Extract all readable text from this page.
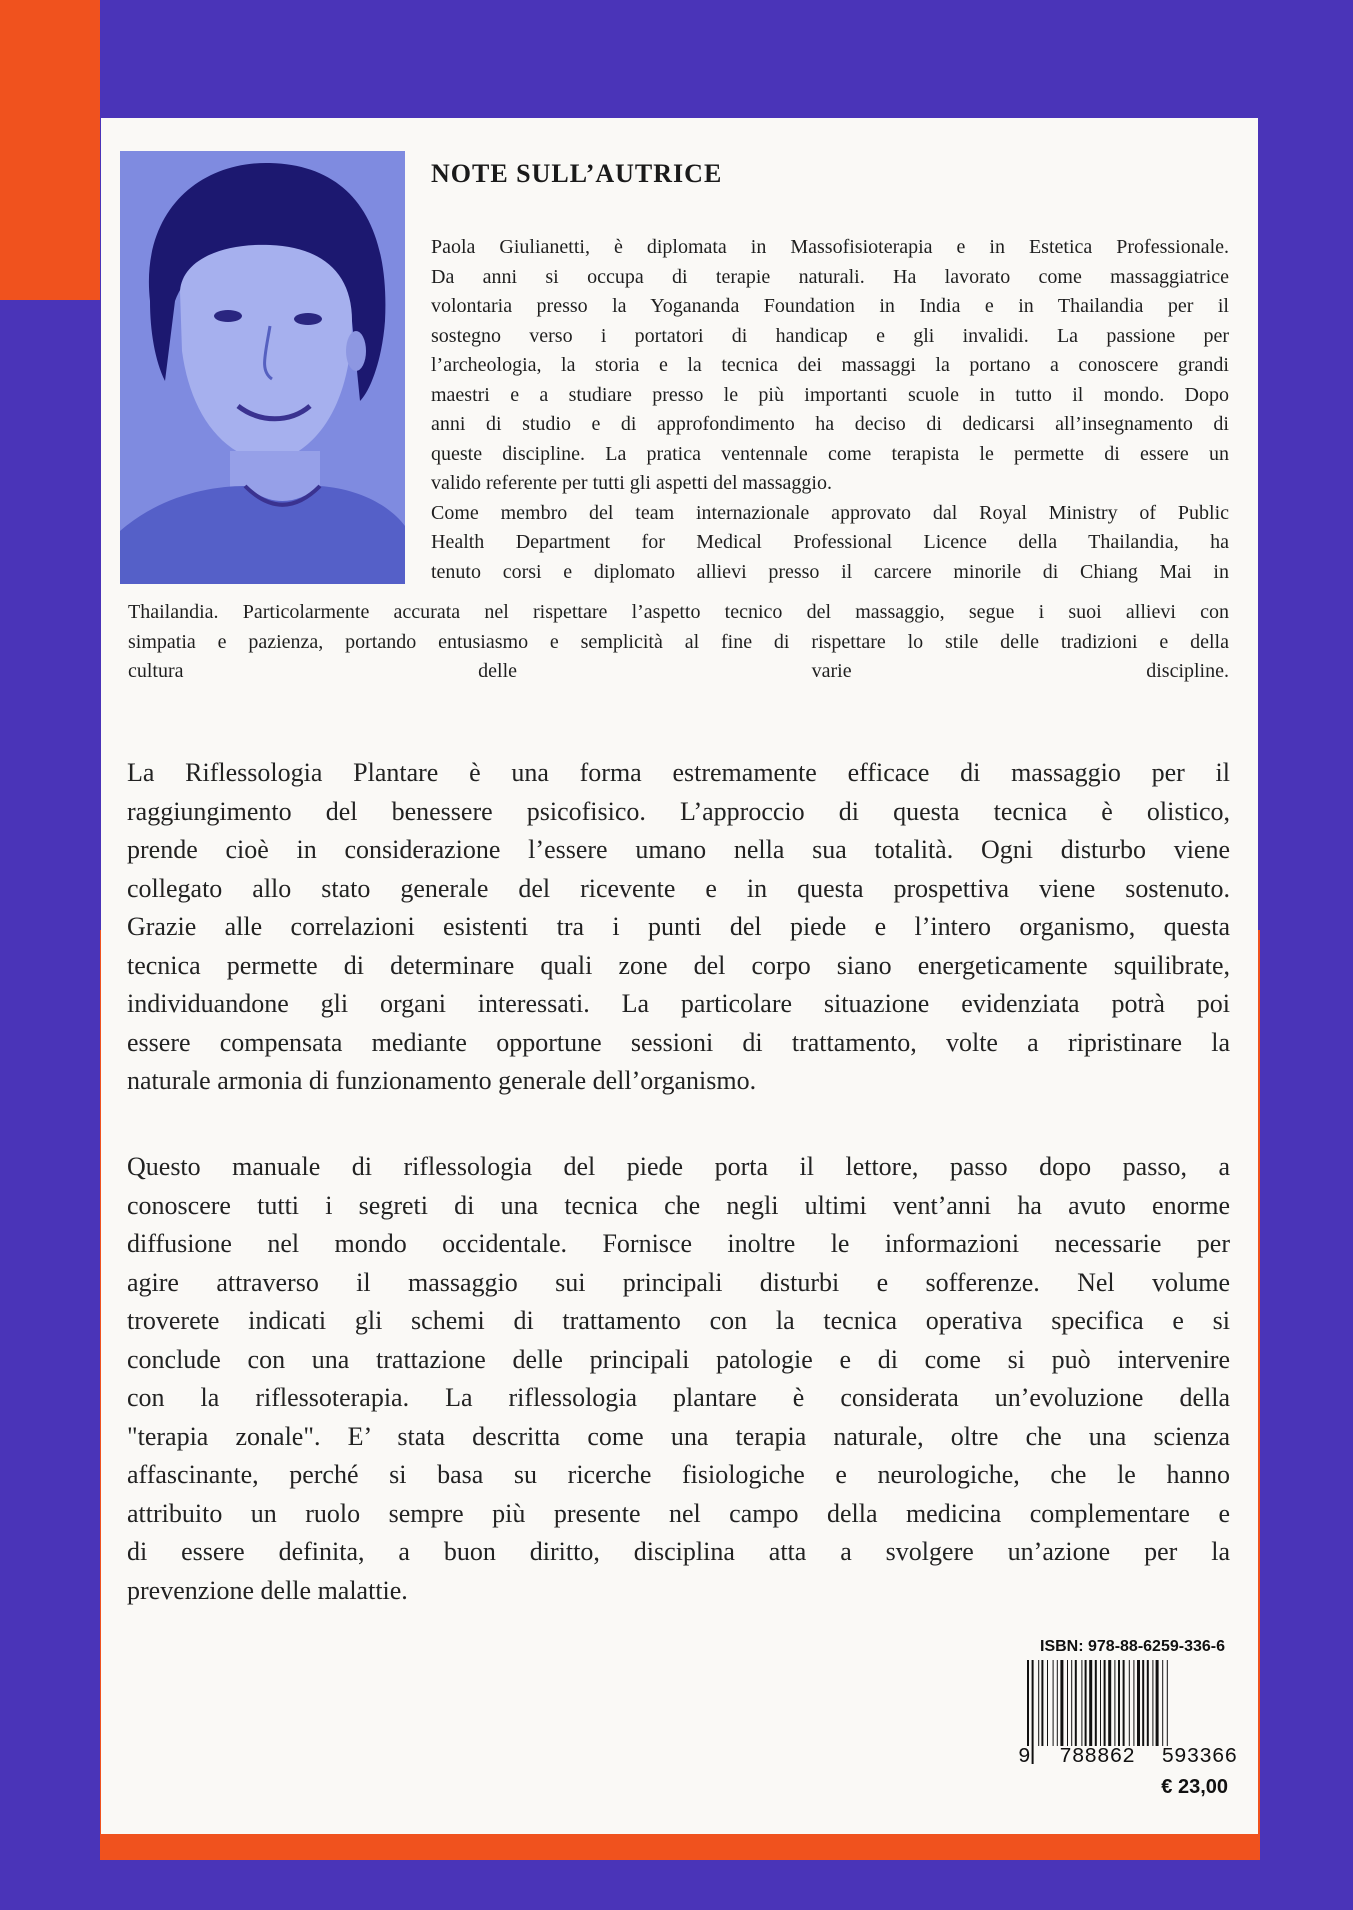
NOTE SULL’AUTRICE
Paola Giulianetti, è diplomata in Massofisioterapia e in Estetica Professionale.
Da anni si occupa di terapie naturali. Ha lavorato come massaggiatrice
volontaria presso la Yogananda Foundation in India e in Thailandia per il
sostegno verso i portatori di handicap e gli invalidi. La passione per
l’archeologia, la storia e la tecnica dei massaggi la portano a conoscere grandi
maestri e a studiare presso le più importanti scuole in tutto il mondo. Dopo
anni di studio e di approfondimento ha deciso di dedicarsi all’insegnamento di
queste discipline. La pratica ventennale come terapista le permette di essere un
valido referente per tutti gli aspetti del massaggio.
Come membro del team internazionale approvato dal Royal Ministry of Public
Health Department for Medical Professional Licence della Thailandia, ha
tenuto corsi e diplomato allievi presso il carcere minorile di Chiang Mai in
Thailandia. Particolarmente accurata nel rispettare l’aspetto tecnico del massaggio, segue i suoi allievi con
simpatia e pazienza, portando entusiasmo e semplicità al fine di rispettare lo stile delle tradizioni e della
cultura delle varie discipline.
La Riflessologia Plantare è una forma estremamente efficace di massaggio per il
raggiungimento del benessere psicofisico. L’approccio di questa tecnica è olistico,
prende cioè in considerazione l’essere umano nella sua totalità. Ogni disturbo viene
collegato allo stato generale del ricevente e in questa prospettiva viene sostenuto.
Grazie alle correlazioni esistenti tra i punti del piede e l’intero organismo, questa
tecnica permette di determinare quali zone del corpo siano energeticamente squilibrate,
individuandone gli organi interessati. La particolare situazione evidenziata potrà poi
essere compensata mediante opportune sessioni di trattamento, volte a ripristinare la
naturale armonia di funzionamento generale dell’organismo.
Questo manuale di riflessologia del piede porta il lettore, passo dopo passo, a
conoscere tutti i segreti di una tecnica che negli ultimi vent’anni ha avuto enorme
diffusione nel mondo occidentale. Fornisce inoltre le informazioni necessarie per
agire attraverso il massaggio sui principali disturbi e sofferenze. Nel volume
troverete indicati gli schemi di trattamento con la tecnica operativa specifica e si
conclude con una trattazione delle principali patologie e di come si può intervenire
con la riflessoterapia. La riflessologia plantare è considerata un’evoluzione della
"terapia zonale". E’ stata descritta come una terapia naturale, oltre che una scienza
affascinante, perché si basa su ricerche fisiologiche e neurologiche, che le hanno
attribuito un ruolo sempre più presente nel campo della medicina complementare e
di essere definita, a buon diritto, disciplina atta a svolgere un’azione per la
prevenzione delle malattie.
ISBN: 978-88-6259-336-6
9 788862 593366
€ 23,00
